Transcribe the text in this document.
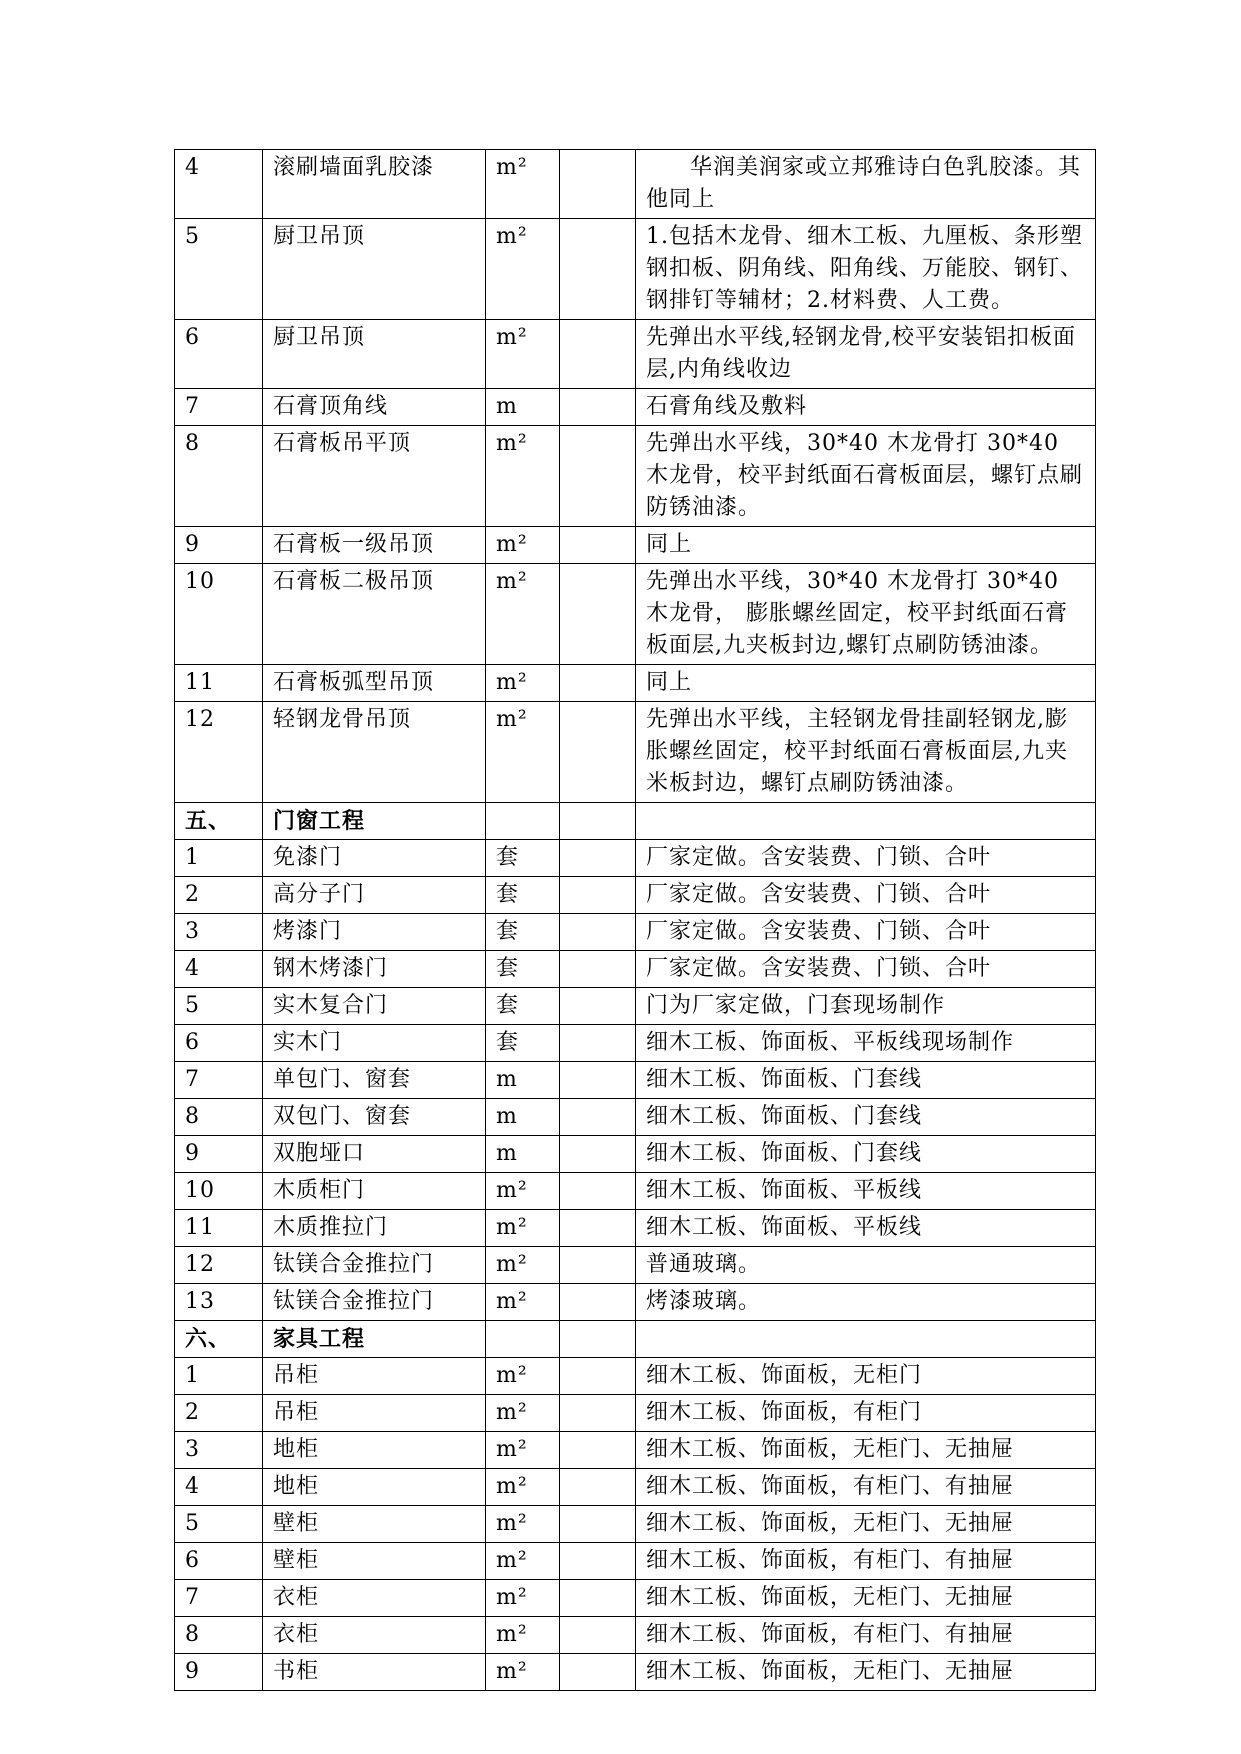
4	滚刷墙面乳胶漆	m²		华润美润家或立邦雅诗白色乳胶漆。其他同上
5	厨卫吊顶	m²		1.包括木龙骨、细木工板、九厘板、条形塑钢扣板、阴角线、阳角线、万能胶、钢钉、钢排钉等辅材；2.材料费、人工费。
6	厨卫吊顶	m²		先弹出水平线,轻钢龙骨,校平安装铝扣板面层,内角线收边
7	石膏顶角线	m		石膏角线及敷料
8	石膏板吊平顶	m²		先弹出水平线，30*40 木龙骨打 30*40 木龙骨，校平封纸面石膏板面层，螺钉点刷防锈油漆。
9	石膏板一级吊顶	m²		同上
10	石膏板二极吊顶	m²		先弹出水平线，30*40 木龙骨打 30*40 木龙骨， 膨胀螺丝固定，校平封纸面石膏板面层,九夹板封边,螺钉点刷防锈油漆。
11	石膏板弧型吊顶	m²		同上
12	轻钢龙骨吊顶	m²		先弹出水平线，主轻钢龙骨挂副轻钢龙,膨胀螺丝固定，校平封纸面石膏板面层,九夹米板封边，螺钉点刷防锈油漆。
五、	门窗工程			
1	免漆门	套		厂家定做。含安装费、门锁、合叶
2	高分子门	套		厂家定做。含安装费、门锁、合叶
3	烤漆门	套		厂家定做。含安装费、门锁、合叶
4	钢木烤漆门	套		厂家定做。含安装费、门锁、合叶
5	实木复合门	套		门为厂家定做，门套现场制作
6	实木门	套		细木工板、饰面板、平板线现场制作
7	单包门、窗套	m		细木工板、饰面板、门套线
8	双包门、窗套	m		细木工板、饰面板、门套线
9	双胞垭口	m		细木工板、饰面板、门套线
10	木质柜门	m²		细木工板、饰面板、平板线
11	木质推拉门	m²		细木工板、饰面板、平板线
12	钛镁合金推拉门	m²		普通玻璃。
13	钛镁合金推拉门	m²		烤漆玻璃。
六、	家具工程			
1	吊柜	m²		细木工板、饰面板，无柜门
2	吊柜	m²		细木工板、饰面板，有柜门
3	地柜	m²		细木工板、饰面板，无柜门、无抽屉
4	地柜	m²		细木工板、饰面板，有柜门、有抽屉
5	壁柜	m²		细木工板、饰面板，无柜门、无抽屉
6	壁柜	m²		细木工板、饰面板，有柜门、有抽屉
7	衣柜	m²		细木工板、饰面板，无柜门、无抽屉
8	衣柜	m²		细木工板、饰面板，有柜门、有抽屉
9	书柜	m²		细木工板、饰面板，无柜门、无抽屉
